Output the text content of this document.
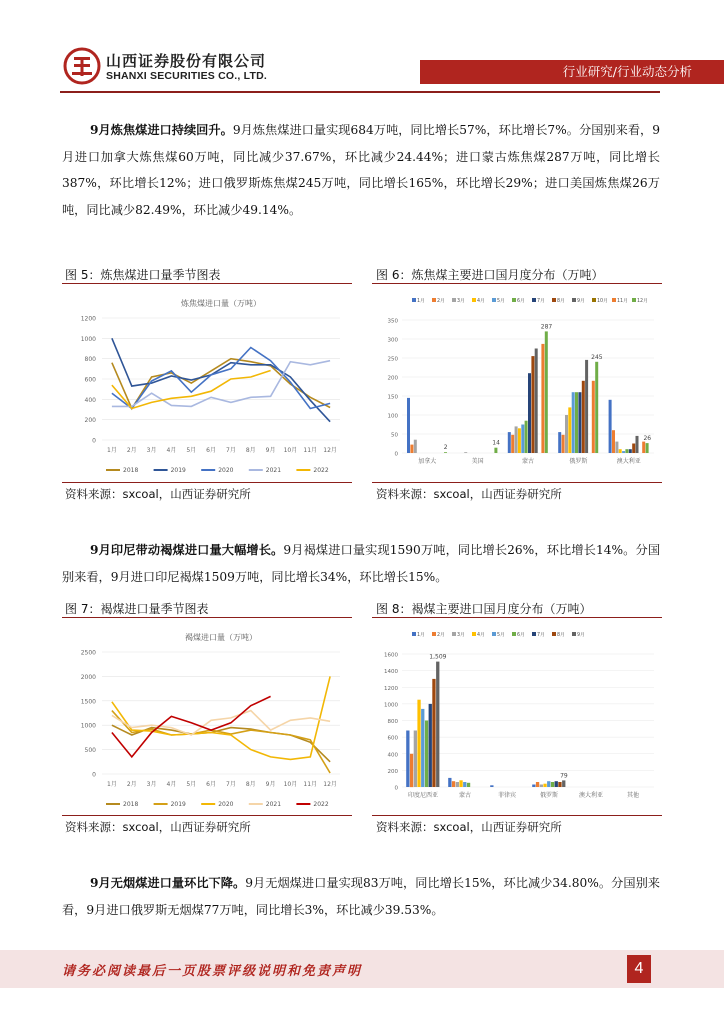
山西证券股份有限公司
SHANXI SECURITIES CO., LTD.	行业研究/行业动态分析
9月炼焦煤进口持续回升。9月炼焦煤进口量实现684万吨，同比增长57%，环比增长7%。分国别来看，9月进口加拿大炼焦煤60万吨，同比减少37.67%，环比减少24.44%；进口蒙古炼焦煤287万吨，同比增长387%，环比增长12%；进口俄罗斯炼焦煤245万吨，同比增长165%，环比增长29%；进口美国炼焦煤26万吨，同比减少82.49%，环比减少49.14%。
图 5：炼焦煤进口量季节图表
炼焦煤进口量（万吨）
0
200
400
600
800
1000
1200
1月 2月 3月 4月 5月 6月 7月 8月 9月 10月 11月 12月
2018	2019	2020	2021	2022
资料来源：sxcoal，山西证券研究所
图 6：炼焦煤主要进口国月度分布（万吨）
0
50
100
150
200
250
300
350
加拿大	美国	蒙古	俄罗斯	澳大利亚
2
14
287
245
26
1月	2月	3月	4月	5月	6月	7月	8月	9月	10月 11月 12月
资料来源：sxcoal，山西证券研究所
9月印尼带动褐煤进口量大幅增长。9月褐煤进口量实现1590万吨，同比增长26%，环比增长14%。分国别来看，9月进口印尼褐煤1509万吨，同比增长34%，环比增长15%。
图 7：褐煤进口量季节图表
褐煤进口量（万吨）
0
500
1000
1500
2000
2500
1月 2月 3月 4月 5月 6月 7月 8月 9月 10月 11月 12月
2018	2019	2020	2021	2022
资料来源：sxcoal，山西证券研究所
图 8：褐煤主要进口国月度分布（万吨）
0
200
400
600
800
1000
1200
1400
1600
印度尼西亚	蒙古	菲律宾	俄罗斯	澳大利亚	其他
1,509
79
1月	2月	3月	4月	5月	6月	7月	8月	9月
资料来源：sxcoal，山西证券研究所
9月无烟煤进口量环比下降。9月无烟煤进口量实现83万吨，同比增长15%，环比减少34.80%。分国别来看，9月进口俄罗斯无烟煤77万吨，同比增长3%，环比减少39.53%。
请务必阅读最后一页股票评级说明和免责声明	4
